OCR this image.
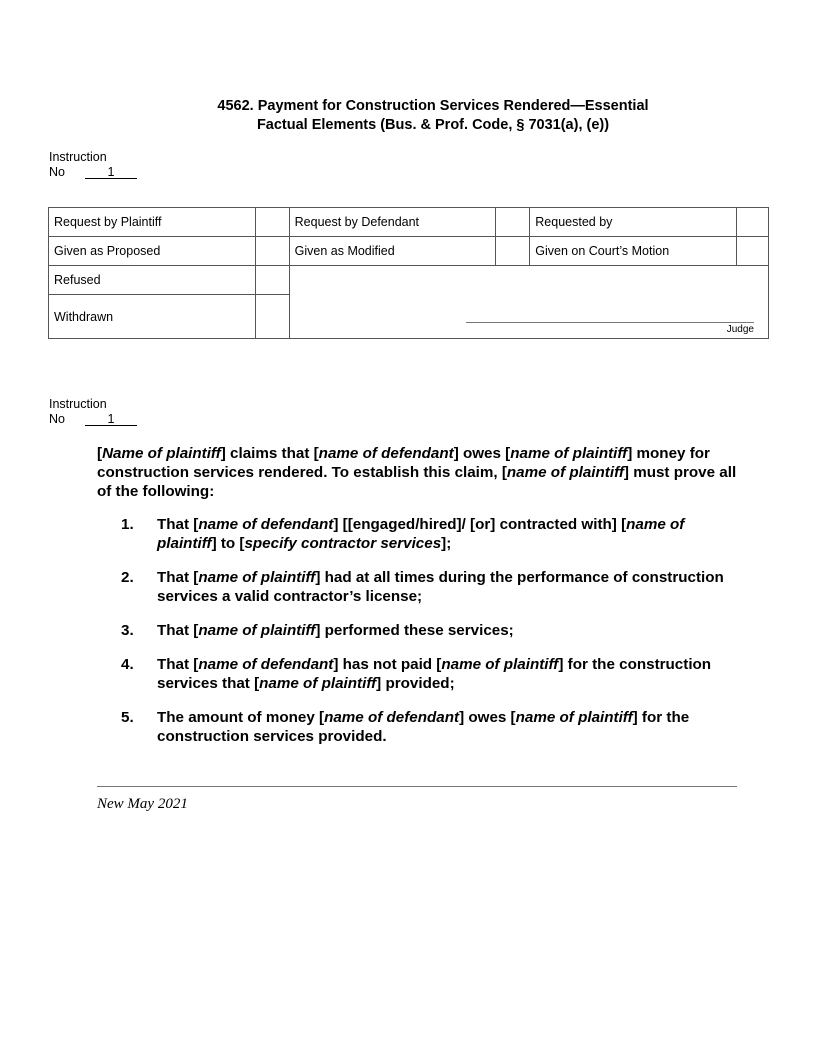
4562. Payment for Construction Services Rendered—Essential
Factual Elements (Bus. & Prof. Code, § 7031(a), (e))
Instruction
No	1
Request by Plaintiff		Request by Defendant		Requested by	
Given as Proposed		Given as Modified		Given on Court’s Motion	
Refused					
Withdrawn					
Judge
Instruction
No	1
[Name of plaintiff] claims that [name of defendant] owes [name of plaintiff] money for construction services rendered. To establish this claim, [name of plaintiff] must prove all of the following:
1. That [name of defendant] [[engaged/hired]/ [or] contracted with] [name of plaintiff] to [specify contractor services];
2. That [name of plaintiff] had at all times during the performance of construction services a valid contractor’s license;
3. That [name of plaintiff] performed these services;
4. That [name of defendant] has not paid [name of plaintiff] for the construction services that [name of plaintiff] provided;
5. The amount of money [name of defendant] owes [name of plaintiff] for the construction services provided.
New May 2021
